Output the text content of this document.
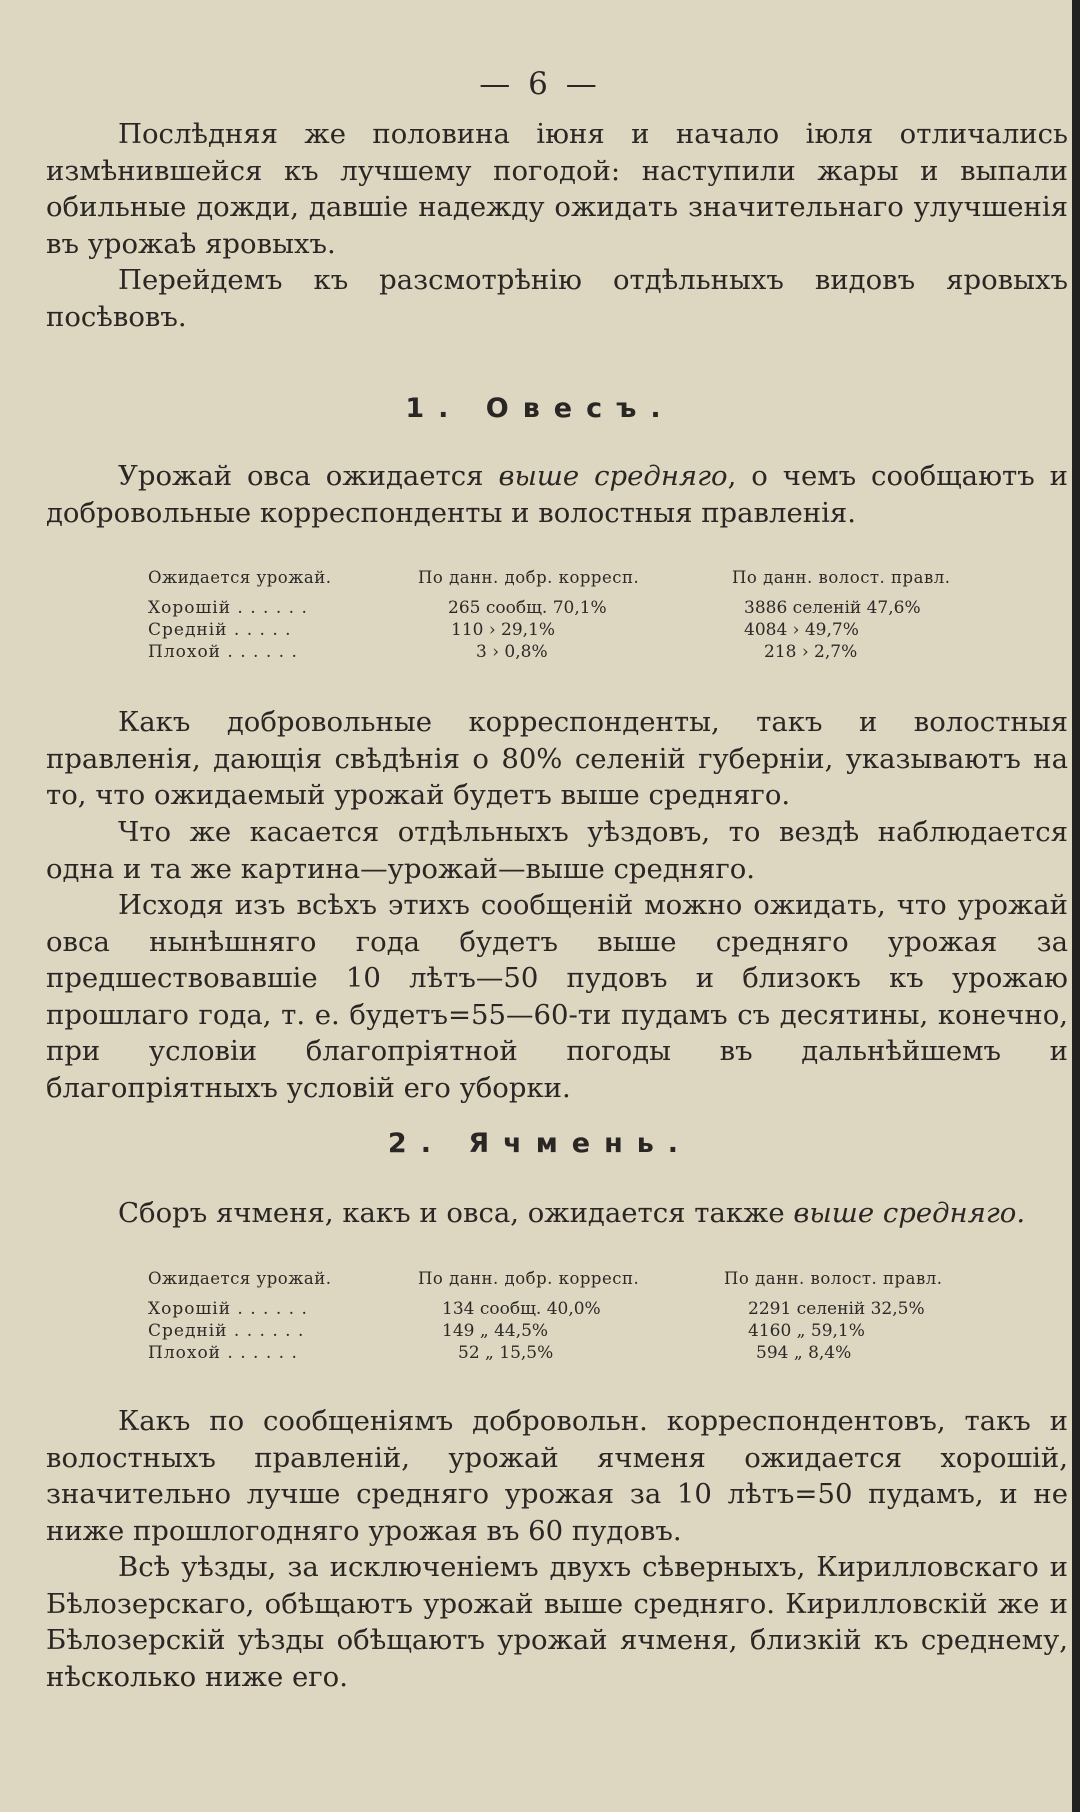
— 6 —

Послѣдняя же половина іюня и начало іюля отличались измѣнившейся къ лучшему погодой: наступили жары и выпали обильные дожди, давшіе надежду ожидать значительнаго улучшенія въ урожаѣ яровыхъ.

Перейдемъ къ разсмотрѣнію отдѣльныхъ видовъ яровыхъ посѣвовъ.

1. Овесъ.

Урожай овса ожидается выше средняго, о чемъ сообщаютъ и добровольные корреспонденты и волостныя правленія.

Ожидается урожай.	По данн. добр. корресп.	По данн. волост. правл.
Хорошій . . . . . .	265 сообщ. 70,1%	3886 селеній 47,6%
Средній . . . . .	110 › 29,1%	4084 › 49,7%
Плохой . . . . . .	3 › 0,8%	218 › 2,7%

Какъ добровольные корреспонденты, такъ и волостныя правленія, дающія свѣдѣнія о 80% селеній губерніи, указываютъ на то, что ожидаемый урожай будетъ выше средняго.

Что же касается отдѣльныхъ уѣздовъ, то вездѣ наблюдается одна и та же картина—урожай—выше средняго.

Исходя изъ всѣхъ этихъ сообщеній можно ожидать, что урожай овса нынѣшняго года будетъ выше средняго урожая за предшествовавшіе 10 лѣтъ—50 пудовъ и близокъ къ урожаю прошлаго года, т. е. будетъ=55—60-ти пудамъ съ десятины, конечно, при условіи благопріятной погоды въ дальнѣйшемъ и благопріятныхъ условій его уборки.

2. Ячмень.

Сборъ ячменя, какъ и овса, ожидается также выше средняго.

Ожидается урожай.	По данн. добр. корресп.	По данн. волост. правл.
Хорошій . . . . . .	134 сообщ. 40,0%	2291 селеній 32,5%
Средній . . . . . .	149 „ 44,5%	4160 „ 59,1%
Плохой . . . . . .	52 „ 15,5%	594 „ 8,4%

Какъ по сообщеніямъ добровольн. корреспондентовъ, такъ и волостныхъ правленій, урожай ячменя ожидается хорошій, значительно лучше средняго урожая за 10 лѣтъ=50 пудамъ, и не ниже прошлогодняго урожая въ 60 пудовъ.

Всѣ уѣзды, за исключеніемъ двухъ сѣверныхъ, Кирилловскаго и Бѣлозерскаго, обѣщаютъ урожай выше средняго. Кирилловскій же и Бѣлозерскій уѣзды обѣщаютъ урожай ячменя, близкій къ среднему, нѣсколько ниже его.
